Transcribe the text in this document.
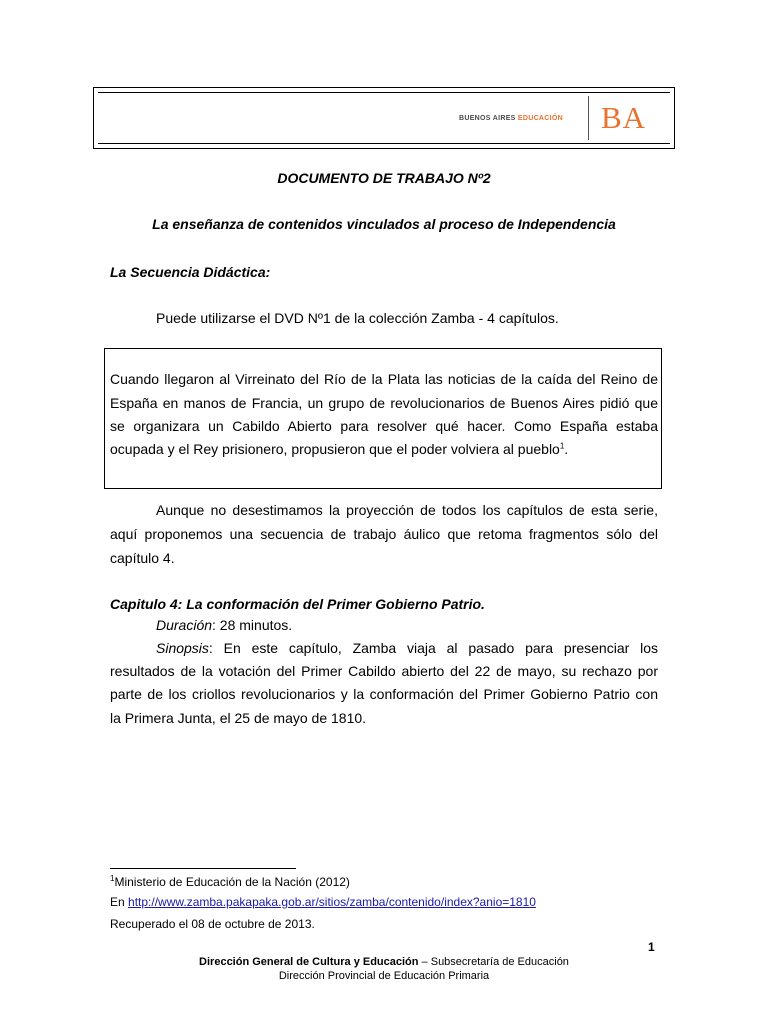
BUENOS AIRES EDUCACIÓN BA
DOCUMENTO DE TRABAJO Nº2
La enseñanza de contenidos vinculados al proceso de Independencia
La Secuencia Didáctica:
Puede utilizarse el DVD Nº1 de la colección Zamba - 4 capítulos.
Cuando llegaron al Virreinato del Río de la Plata las noticias de la caída del Reino de
España en manos de Francia, un grupo de revolucionarios de Buenos Aires pidió que
se organizara un Cabildo Abierto para resolver qué hacer. Como España estaba
ocupada y el Rey prisionero, propusieron que el poder volviera al pueblo$^1$.
Aunque no desestimamos la proyección de todos los capítulos de esta serie,
aquí proponemos una secuencia de trabajo áulico que retoma fragmentos sólo del
capítulo 4.
Capitulo 4: La conformación del Primer Gobierno Patrio.
Duración: 28 minutos.
Sinopsis: En este capítulo, Zamba viaja al pasado para presenciar los
resultados de la votación del Primer Cabildo abierto del 22 de mayo, su rechazo por
parte de los criollos revolucionarios y la conformación del Primer Gobierno Patrio con
la Primera Junta, el 25 de mayo de 1810.
$^1$Ministerio de Educación de la Nación (2012)
En http://www.zamba.pakapaka.gob.ar/sitios/zamba/contenido/index?anio=1810
Recuperado el 08 de octubre de 2013.
1
Dirección General de Cultura y Educación – Subsecretaría de Educación
Dirección Provincial de Educación Primaria
